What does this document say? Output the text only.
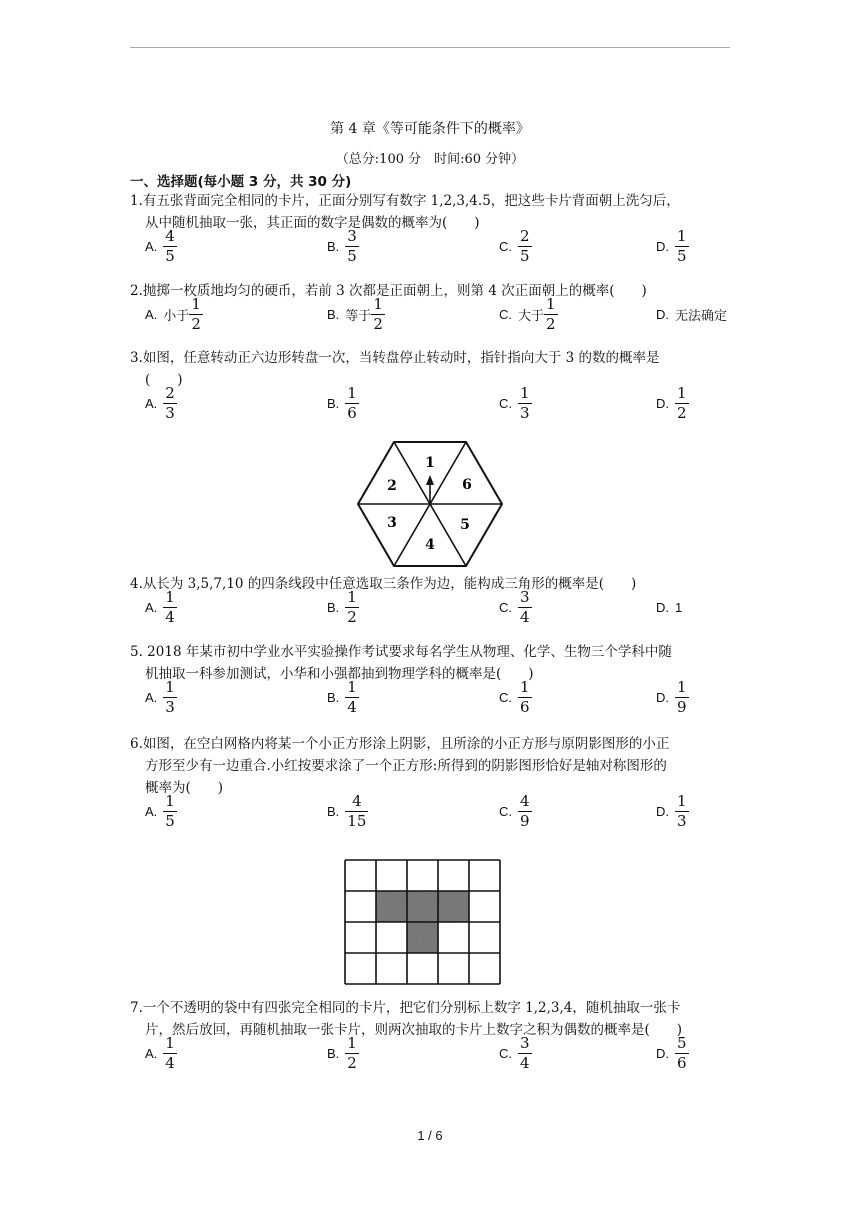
第 4 章《等可能条件下的概率》
（总分:100 分　时间:60 分钟）
一、选择题(每小题 3 分，共 30 分)
1.有五张背面完全相同的卡片，正面分别写有数字 1,2,3,4.5，把这些卡片背面朝上洗匀后，
从中随机抽取一张，其正面的数字是偶数的概率为(　　)
A. $\frac{4}{5}$	B. $\frac{3}{5}$	C. $\frac{2}{5}$	D. $\frac{1}{5}$
2.抛掷一枚质地均匀的硬币，若前 3 次都是正面朝上，则第 4 次正面朝上的概率(　　)
A. 小于 $\frac{1}{2}$	B. 等于 $\frac{1}{2}$	C. 大于 $\frac{1}{2}$	D. 无法确定
3.如图，任意转动正六边形转盘一次，当转盘停止转动时，指针指向大于 3 的数的概率是
(　　)
A. $\frac{2}{3}$	B. $\frac{1}{6}$	C. $\frac{1}{3}$	D. $\frac{1}{2}$
4.从长为 3,5,7,10 的四条线段中任意选取三条作为边，能构成三角形的概率是(　　)
A. $\frac{1}{4}$	B. $\frac{1}{2}$	C. $\frac{3}{4}$	D. 1
5. 2018 年某市初中学业水平实验操作考试要求每名学生从物理、化学、生物三个学科中随
机抽取一科参加测试，小华和小强都抽到物理学科的概率是(　　)
A. $\frac{1}{3}$	B. $\frac{1}{4}$	C. $\frac{1}{6}$	D. $\frac{1}{9}$
6.如图，在空白网格内将某一个小正方形涂上阴影，且所涂的小正方形与原阴影图形的小正
方形至少有一边重合.小红按要求涂了一个正方形:所得到的阴影图形恰好是轴对称图形的
概率为(　　)
A. $\frac{1}{5}$	B. $\frac{4}{15}$	C. $\frac{4}{9}$	D. $\frac{1}{3}$
7.一个不透明的袋中有四张完全相同的卡片，把它们分别标上数字 1,2,3,4，随机抽取一张卡
片，然后放回，再随机抽取一张卡片，则两次抽取的卡片上数字之积为偶数的概率是(　　)
A. $\frac{1}{4}$	B. $\frac{1}{2}$	C. $\frac{3}{4}$	D. $\frac{5}{6}$
1
6
5
4
3
2
1 / 6
